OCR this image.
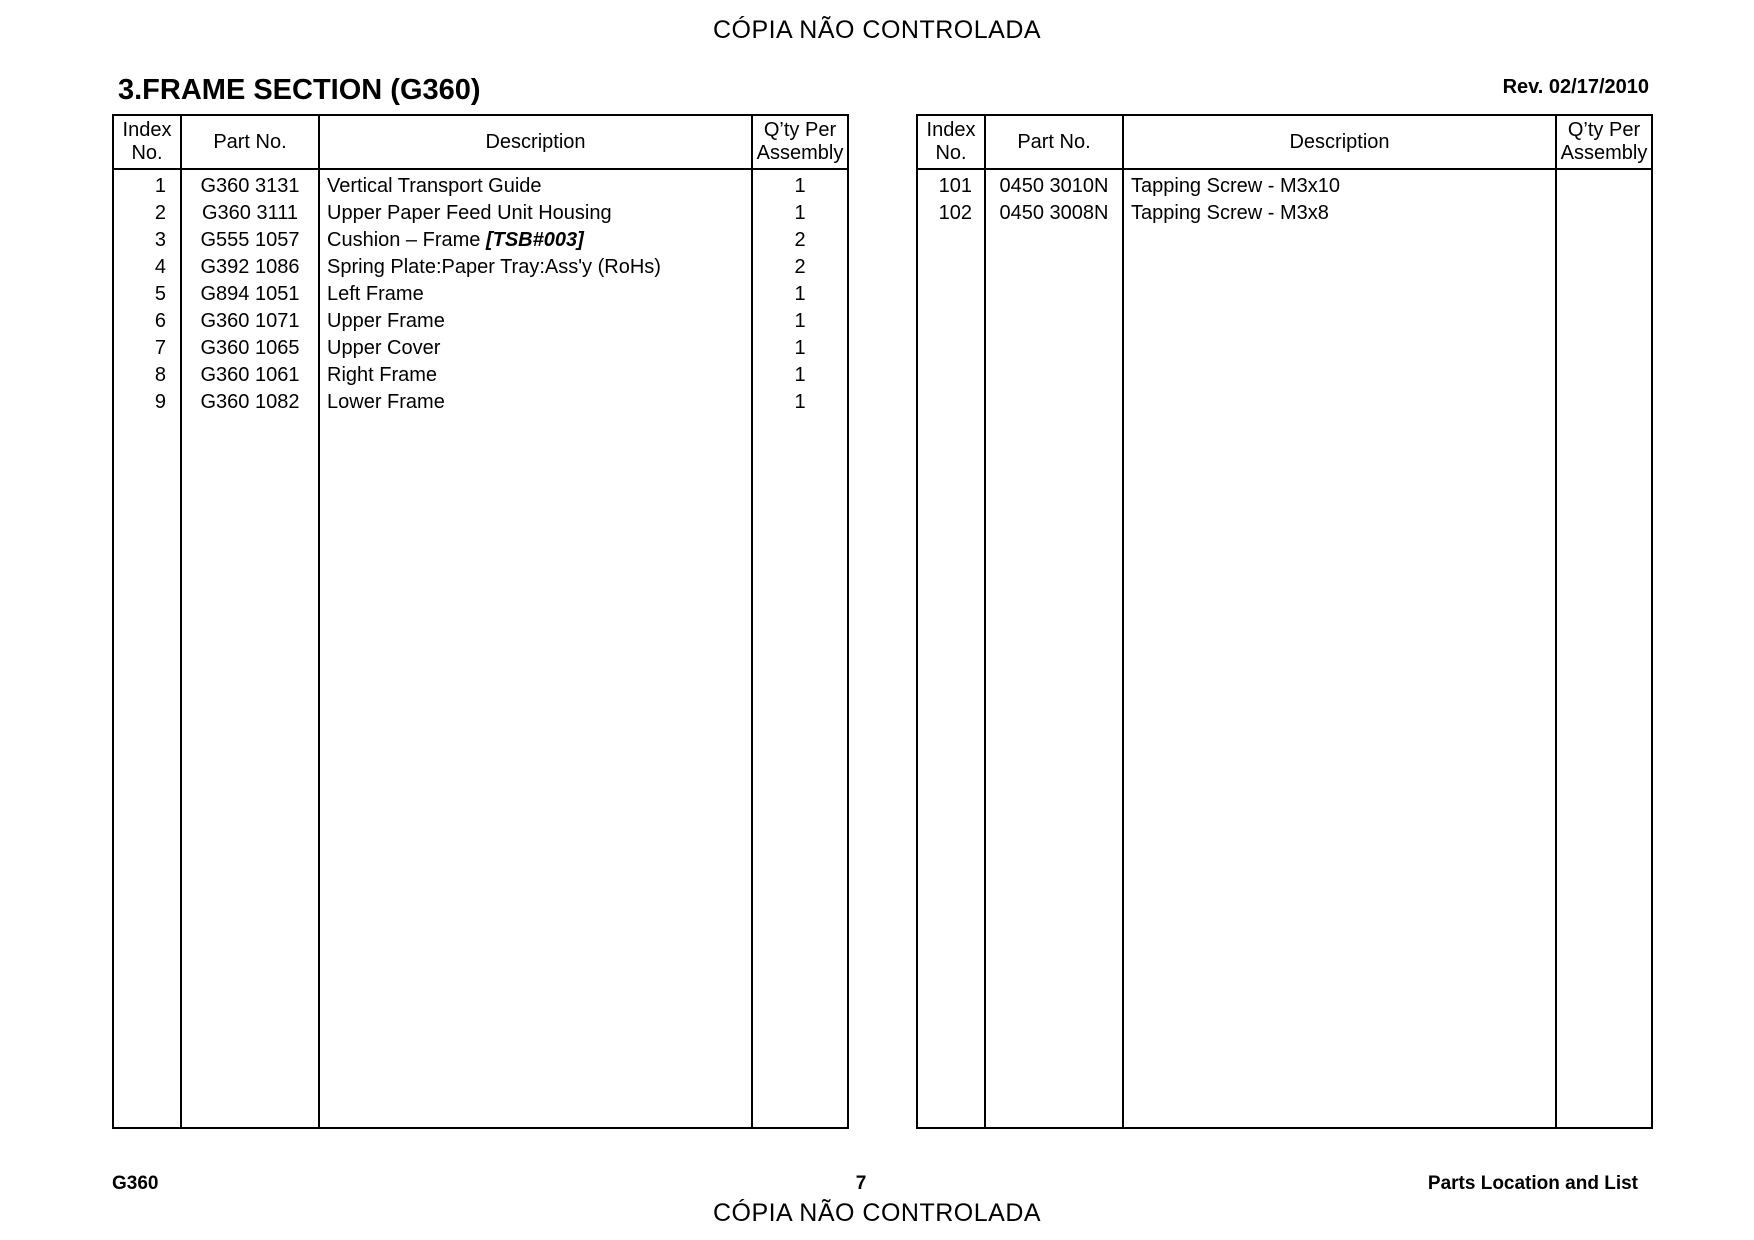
CÓPIA NÃO CONTROLADA
3.FRAME SECTION (G360)	Rev. 02/17/2010
Index
No.	Part No.	Description	Q’ty Per
Assembly
1	G360 3131	Vertical Transport Guide	1
2	G360 3111	Upper Paper Feed Unit Housing	1
3	G555 1057	Cushion – Frame [TSB#003]	2
4	G392 1086	Spring Plate:Paper Tray:Ass'y (RoHs)	2
5	G894 1051	Left Frame	1
6	G360 1071	Upper Frame	1
7	G360 1065	Upper Cover	1
8	G360 1061	Right Frame	1
9	G360 1082	Lower Frame	1

Index
No.	Part No.	Description	Q’ty Per
Assembly
101	0450 3010N	Tapping Screw - M3x10	
102	0450 3008N	Tapping Screw - M3x8	

G360	7	Parts Location and List
CÓPIA NÃO CONTROLADA
